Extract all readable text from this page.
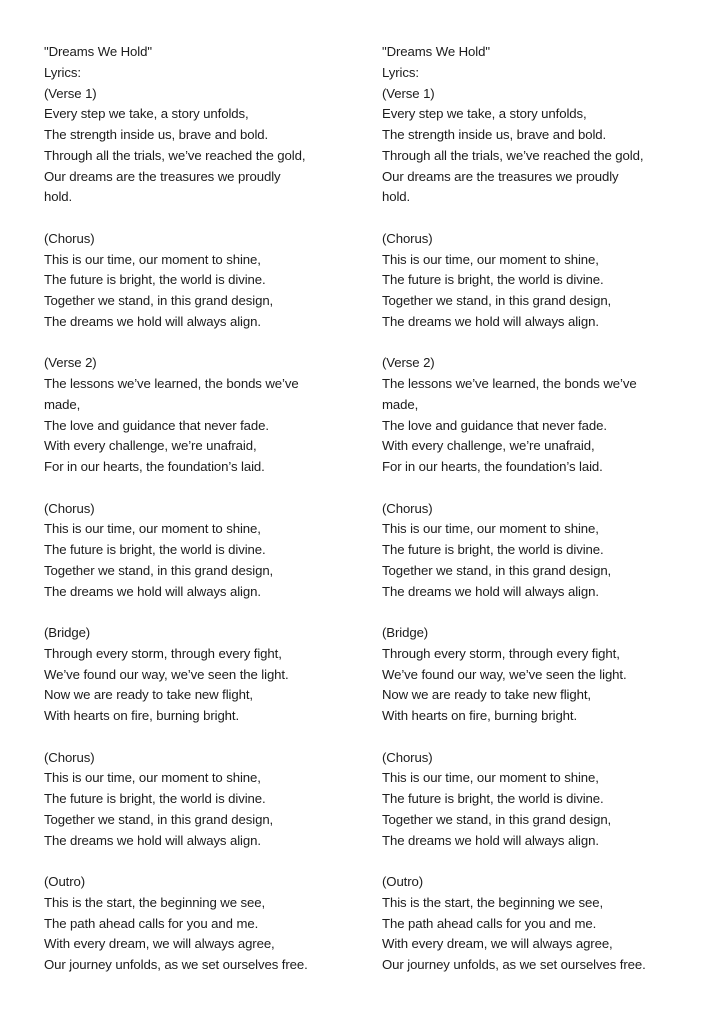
"Dreams We Hold"
Lyrics:
(Verse 1)
Every step we take, a story unfolds,
The strength inside us, brave and bold.
Through all the trials, we’ve reached the gold,
Our dreams are the treasures we proudly
hold.
(Chorus)
This is our time, our moment to shine,
The future is bright, the world is divine.
Together we stand, in this grand design,
The dreams we hold will always align.
(Verse 2)
The lessons we’ve learned, the bonds we’ve
made,
The love and guidance that never fade.
With every challenge, we’re unafraid,
For in our hearts, the foundation’s laid.
(Chorus)
This is our time, our moment to shine,
The future is bright, the world is divine.
Together we stand, in this grand design,
The dreams we hold will always align.
(Bridge)
Through every storm, through every fight,
We’ve found our way, we’ve seen the light.
Now we are ready to take new flight,
With hearts on fire, burning bright.
(Chorus)
This is our time, our moment to shine,
The future is bright, the world is divine.
Together we stand, in this grand design,
The dreams we hold will always align.
(Outro)
This is the start, the beginning we see,
The path ahead calls for you and me.
With every dream, we will always agree,
Our journey unfolds, as we set ourselves free.
"Dreams We Hold"
Lyrics:
(Verse 1)
Every step we take, a story unfolds,
The strength inside us, brave and bold.
Through all the trials, we’ve reached the gold,
Our dreams are the treasures we proudly
hold.
(Chorus)
This is our time, our moment to shine,
The future is bright, the world is divine.
Together we stand, in this grand design,
The dreams we hold will always align.
(Verse 2)
The lessons we’ve learned, the bonds we’ve
made,
The love and guidance that never fade.
With every challenge, we’re unafraid,
For in our hearts, the foundation’s laid.
(Chorus)
This is our time, our moment to shine,
The future is bright, the world is divine.
Together we stand, in this grand design,
The dreams we hold will always align.
(Bridge)
Through every storm, through every fight,
We’ve found our way, we’ve seen the light.
Now we are ready to take new flight,
With hearts on fire, burning bright.
(Chorus)
This is our time, our moment to shine,
The future is bright, the world is divine.
Together we stand, in this grand design,
The dreams we hold will always align.
(Outro)
This is the start, the beginning we see,
The path ahead calls for you and me.
With every dream, we will always agree,
Our journey unfolds, as we set ourselves free.
